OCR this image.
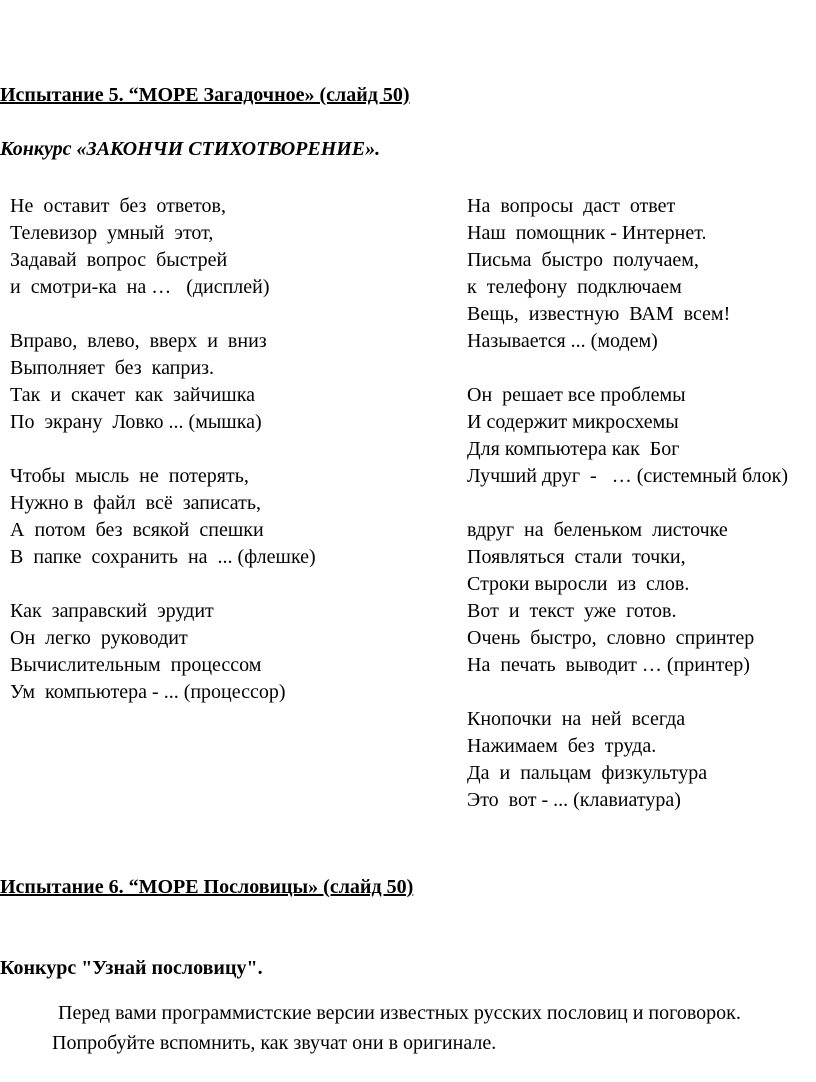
Испытание 5. “МОРЕ Загадочное» (слайд 50)
Конкурс «ЗАКОНЧИ СТИХОТВОРЕНИЕ».
Не  оставит  без  ответов,
Телевизор  умный  этот,
Задавай  вопрос  быстрей
и  смотри-ка  на …   (дисплей)
Вправо,  влево,  вверх  и  вниз
Выполняет  без  каприз.
Так  и  скачет  как  зайчишка
По  экрану  Ловко ... (мышка)
Чтобы  мысль  не  потерять,
Нужно в  файл  всё  записать,
А  потом  без  всякой  спешки
В  папке  сохранить  на  ... (флешке)
Как  заправский  эрудит
Он  легко  руководит
Вычислительным  процессом
Ум  компьютера - ... (процессор)
На  вопросы  даст  ответ
Наш  помощник - Интернет.
Письма  быстро  получаем,
к  телефону  подключаем
Вещь,  известную  ВАМ  всем!
Называется ... (модем)
Он  решает все проблемы
И содержит микросхемы
Для компьютера как  Бог
Лучший друг  -   … (системный блок)
вдруг  на  беленьком  листочке
Появляться  стали  точки,
Строки выросли  из  слов.
Вот  и  текст  уже  готов.
Очень  быстро,  словно  спринтер
На  печать  выводит … (принтер)
Кнопочки  на  ней  всегда
Нажимаем  без  труда.
Да  и  пальцам  физкультура
Это  вот - ... (клавиатура)
Испытание 6. “МОРЕ Пословицы» (слайд 50)
Конкурс "Узнай пословицу".
Перед вами программистские версии известных русских пословиц и поговорок. Попробуйте вспомнить, как звучат они в оригинале.
